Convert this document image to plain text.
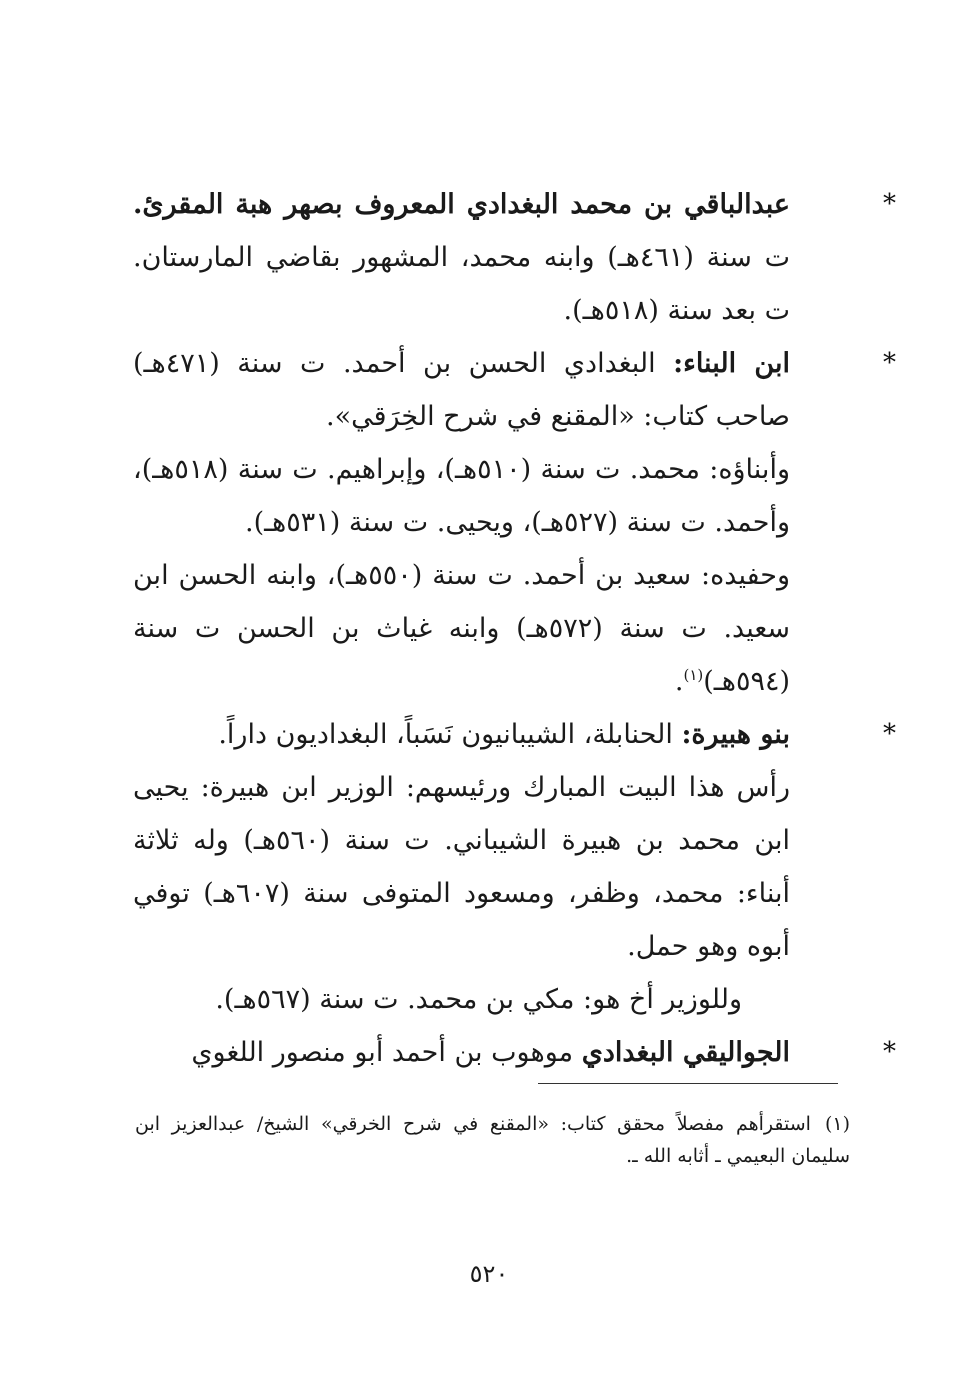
*
عبدالباقي بن محمد البغدادي المعروف بصهر هبة المقرئ. ت سنة (٤٦١هـ) وابنه محمد، المشهور بقاضي المارستان. ت بعد سنة (٥١٨هـ).
*
ابن البناء: البغدادي الحسن بن أحمد. ت سنة (٤٧١هـ) صاحب كتاب: «المقنع في شرح الخِرَقي».
وأبناؤه: محمد. ت سنة (٥١٠هـ)، وإبراهيم. ت سنة (٥١٨هـ)، وأحمد. ت سنة (٥٢٧هـ)، ويحيى. ت سنة (٥٣١هـ).
وحفيده: سعيد بن أحمد. ت سنة (٥٥٠هـ)، وابنه الحسن ابن سعيد. ت سنة (٥٧٢هـ) وابنه غياث بن الحسن ت سنة (٥٩٤هـ)$^{(١)}$.
*
بنو هبيرة: الحنابلة، الشيبانيون نَسَباً، البغداديون داراً.
رأس هذا البيت المبارك ورئيسهم: الوزير ابن هبيرة: يحيى ابن محمد بن هبيرة الشيباني. ت سنة (٥٦٠هـ) وله ثلاثة أبناء: محمد، وظفر، ومسعود المتوفى سنة (٦٠٧هـ) توفي أبوه وهو حمل.
وللوزير أخ هو: مكي بن محمد. ت سنة (٥٦٧هـ).
*
الجواليقي البغدادي موهوب بن أحمد أبو منصور اللغوي
(١)استقرأهم مفصلاً محقق كتاب: «المقنع في شرح الخرقي» الشيخ/ عبدالعزيز ابن سليمان البعيمي ـ أثابه الله ـ.
٥٢٠
